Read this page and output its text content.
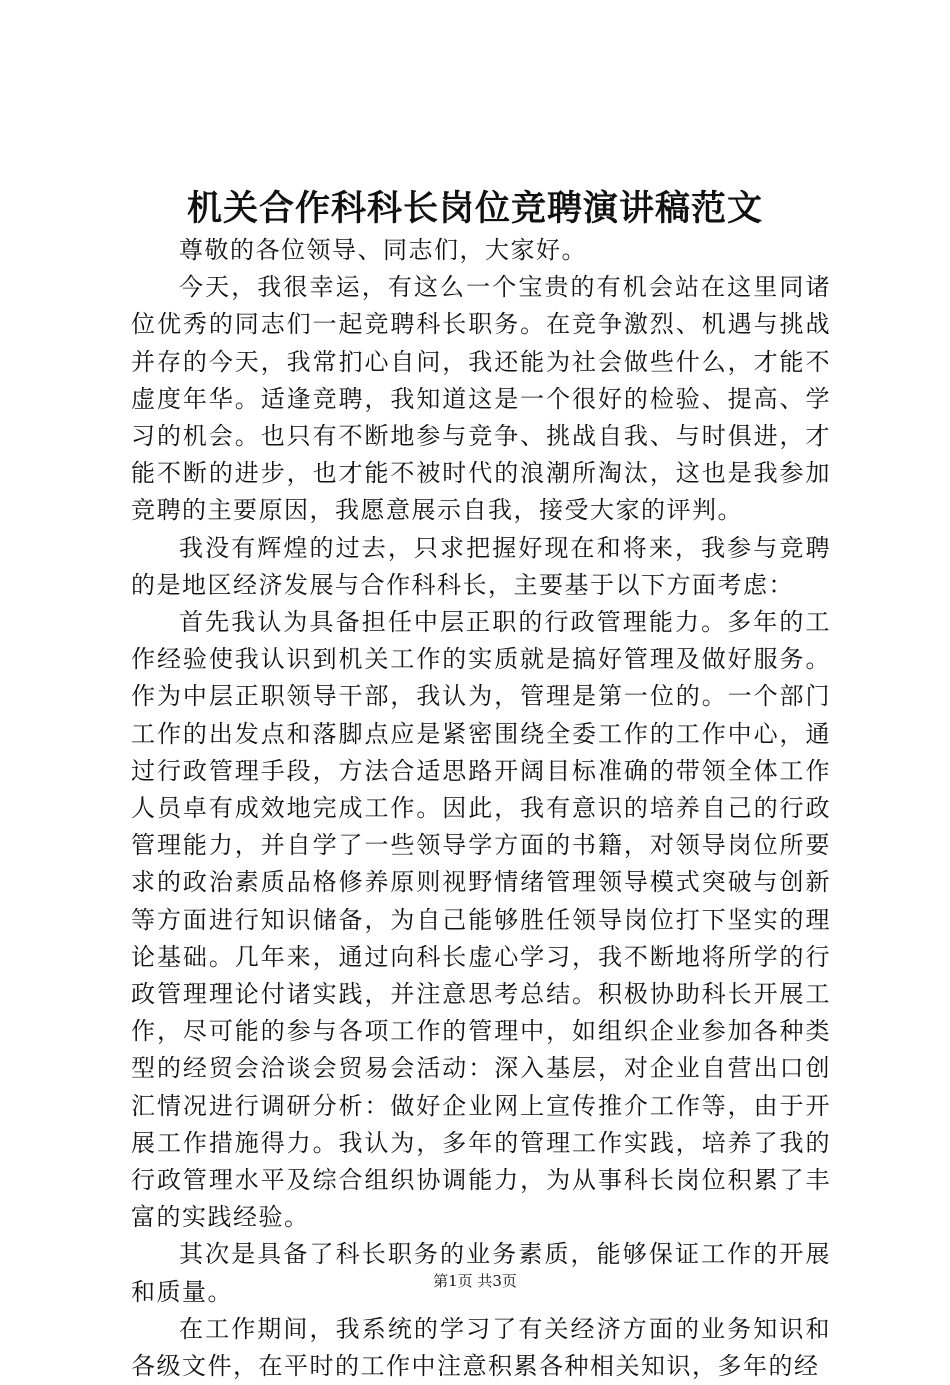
机关合作科科长岗位竞聘演讲稿范文

尊敬的各位领导、同志们，大家好。

今天，我很幸运，有这么一个宝贵的有机会站在这里同诸位优秀的同志们一起竞聘科长职务。在竞争激烈、机遇与挑战并存的今天，我常扪心自问，我还能为社会做些什么，才能不虚度年华。适逢竞聘，我知道这是一个很好的检验、提高、学习的机会。也只有不断地参与竞争、挑战自我、与时俱进，才能不断的进步，也才能不被时代的浪潮所淘汰，这也是我参加竞聘的主要原因，我愿意展示自我，接受大家的评判。

我没有辉煌的过去，只求把握好现在和将来，我参与竞聘的是地区经济发展与合作科科长，主要基于以下方面考虑：

首先我认为具备担任中层正职的行政管理能力。多年的工作经验使我认识到机关工作的实质就是搞好管理及做好服务。作为中层正职领导干部，我认为，管理是第一位的。一个部门工作的出发点和落脚点应是紧密围绕全委工作的工作中心，通过行政管理手段，方法合适思路开阔目标准确的带领全体工作人员卓有成效地完成工作。因此，我有意识的培养自己的行政管理能力，并自学了一些领导学方面的书籍，对领导岗位所要求的政治素质品格修养原则视野情绪管理领导模式突破与创新等方面进行知识储备，为自己能够胜任领导岗位打下坚实的理论基础。几年来，通过向科长虚心学习，我不断地将所学的行政管理理论付诸实践，并注意思考总结。积极协助科长开展工作，尽可能的参与各项工作的管理中，如组织企业参加各种类型的经贸会洽谈会贸易会活动：深入基层，对企业自营出口创汇情况进行调研分析：做好企业网上宣传推介工作等，由于开展工作措施得力。我认为，多年的管理工作实践，培养了我的行政管理水平及综合组织协调能力，为从事科长岗位积累了丰富的实践经验。

其次是具备了科长职务的业务素质，能够保证工作的开展和质量。

在工作期间，我系统的学习了有关经济方面的业务知识和各级文件，在平时的工作中注意积累各种相关知识，多年的经

第1页 共3页
